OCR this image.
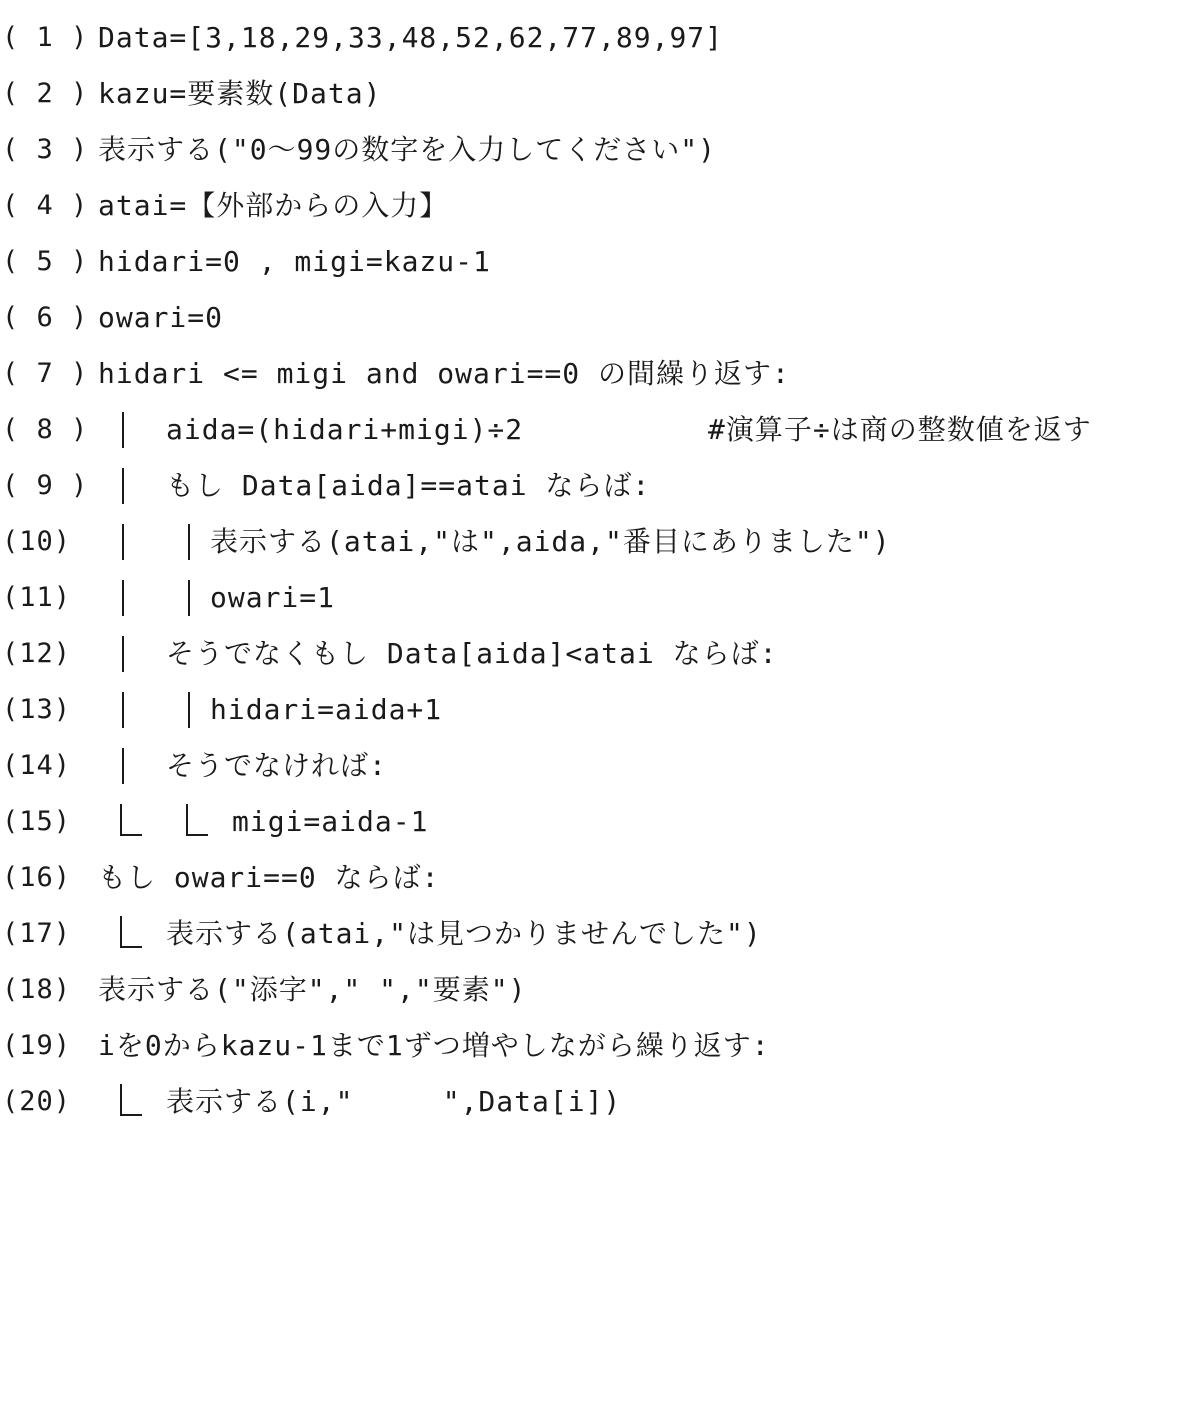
( 1 )

Data=[3,18,29,33,48,52,62,77,89,97]

( 2 )

kazu=要素数(Data)

( 3 )

表示する("0〜99の数字を入力してください")

( 4 )

atai=【外部からの入力】

( 5 )

hidari=0 , migi=kazu-1

( 6 )

owari=0

( 7 )

hidari <= migi and owari==0 の間繰り返す:

( 8 )

	aida=(hidari+migi)÷2

	#演算子÷は商の整数値を返す

( 9 )

	もし Data[aida]==atai ならば:

(10)

	表示する(atai,"は",aida,"番目にありました")

(11)

	owari=1

(12)

	そうでなくもし Data[aida]<atai ならば:

(13)

	hidari=aida+1

(14)

	そうでなければ:

(15)

	migi=aida-1

(16)

もし owari==0 ならば:

(17)

	表示する(atai,"は見つかりませんでした")

(18)

表示する("添字"," ","要素")

(19)

iを0からkazu-1まで1ずつ増やしながら繰り返す:

(20)

	表示する(i,"     ",Data[i])
